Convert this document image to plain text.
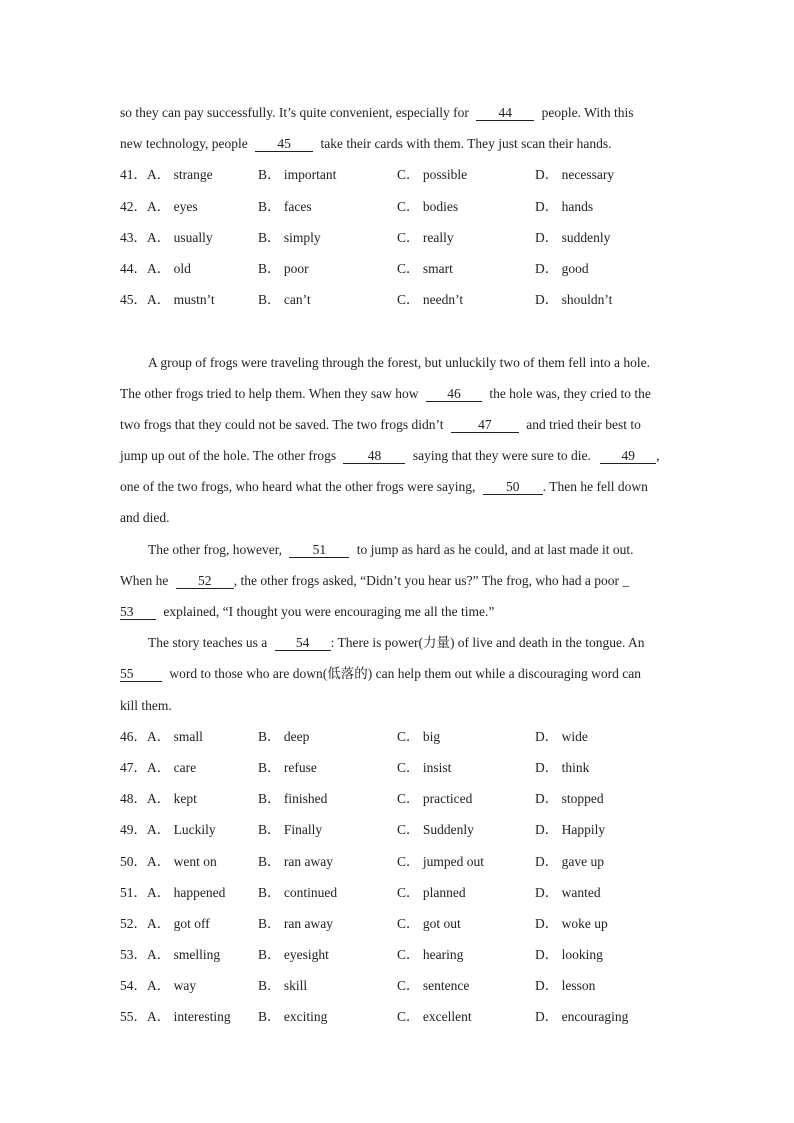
so they can pay successfully. It’s quite convenient, especially for 44 people. With this
new technology, people 45 take their cards with them. They just scan their hands.
41． A． strange	B． important	C． possible	D． necessary
42． A． eyes	B． faces	C． bodies	D． hands
43． A． usually	B． simply	C． really	D． suddenly
44． A． old	B． poor	C． smart	D． good
45． A． mustn’t	B． can’t	C． needn’t	D． shouldn’t
A group of frogs were traveling through the forest, but unluckily two of them fell into a hole.
The other frogs tried to help them. When they saw how 46 the hole was, they cried to the
two frogs that they could not be saved. The two frogs didn’t	47	and tried their best to
jump up out of the hole. The other frogs 48 saying that they were sure to die. 49 ,
one of the two frogs, who heard what the other frogs were saying, 50 . Then he fell down
and died.
The other frog, however, 51 to jump as hard as he could, and at last made it out.
When he 52 , the other frogs asked, “Didn’t you hear us?” The frog, who had a poor _
53 explained, “I thought you were encouraging me all the time.”
The story teaches us a 54 : There is power(力量) of live and death in the tongue. An
55	word to those who are down(低落的) can help them out while a discouraging word can
kill them.
46． A． small	B． deep	C． big	D． wide
47． A． care	B． refuse	C． insist	D． think
48． A． kept	B． finished	C． practiced	D． stopped
49． A． Luckily	B． Finally	C． Suddenly	D． Happily
50． A． went on	B． ran away	C． jumped out	D． gave up
51． A． happened B． continued	C． planned	D． wanted
52． A． got off	B． ran away	C． got out	D． woke up
53． A． smelling	B． eyesight	C． hearing	D． looking
54． A． way	B． skill	C． sentence	D． lesson
55． A． interesting B． exciting	C． excellent	D． encouraging
